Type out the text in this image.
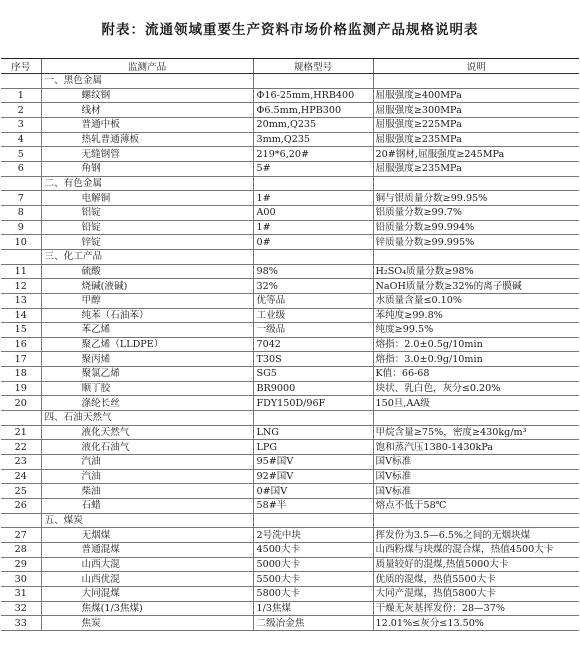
附表：流通领域重要生产资料市场价格监测产品规格说明表
序号	监测产品	规格型号	说明
	一、黑色金属		
1	螺纹钢	Φ16-25mm,HRB400	屈服强度≥400MPa
2	线材	Φ6.5mm,HPB300	屈服强度≥300MPa
3	普通中板	20mm,Q235	屈服强度≥225MPa
4	热轧普通薄板	3mm,Q235	屈服强度≥235MPa
5	无缝钢管	219*6,20#	20#钢材,屈服强度≥245MPa
6	角钢	5#	屈服强度≥235MPa
	二、有色金属		
7	电解铜	1#	铜与银质量分数≥99.95%
8	铝锭	A00	铝质量分数≥99.7%
9	铅锭	1#	铅质量分数≥99.994%
10	锌锭	0#	锌质量分数≥99.995%
	三、化工产品		
11	硫酸	98%	H₂SO₄质量分数≥98%
12	烧碱(液碱)	32%	NaOH质量分数≥32%的离子膜碱
13	甲醇	优等品	水质量含量≤0.10%
14	纯苯（石油苯）	工业级	苯纯度≥99.8%
15	苯乙烯	一级品	纯度≥99.5%
16	聚乙烯（LLDPE）	7042	熔指：2.0±0.5g/10min
17	聚丙烯	T30S	熔指：3.0±0.9g/10min
18	聚氯乙烯	SG5	K值：66-68
19	顺丁胶	BR9000	块状、乳白色，灰分≤0.20%
20	涤纶长丝	FDY150D/96F	150旦,AA级
	四、石油天然气		
21	液化天然气	LNG	甲烷含量≥75%，密度≥430kg/m³
22	液化石油气	LPG	饱和蒸汽压1380-1430kPa
23	汽油	95#国Ⅴ	国Ⅴ标准
24	汽油	92#国Ⅴ	国Ⅴ标准
25	柴油	0#国Ⅴ	国Ⅴ标准
26	石蜡	58#半	熔点不低于58℃
	五、煤炭		
27	无烟煤	2号洗中块	挥发份为3.5—6.5%之间的无烟块煤
28	普通混煤	4500大卡	山西粉煤与块煤的混合煤，热值4500大卡
29	山西大混	5000大卡	质量较好的混煤,热值5000大卡
30	山西优混	5500大卡	优质的混煤，热值5500大卡
31	大同混煤	5800大卡	大同产混煤，热值5800大卡
32	焦煤(1/3焦煤)	1/3焦煤	干燥无灰基挥发份：28—37%
33	焦炭	二级冶金焦	12.01%≤灰分≤13.50%
